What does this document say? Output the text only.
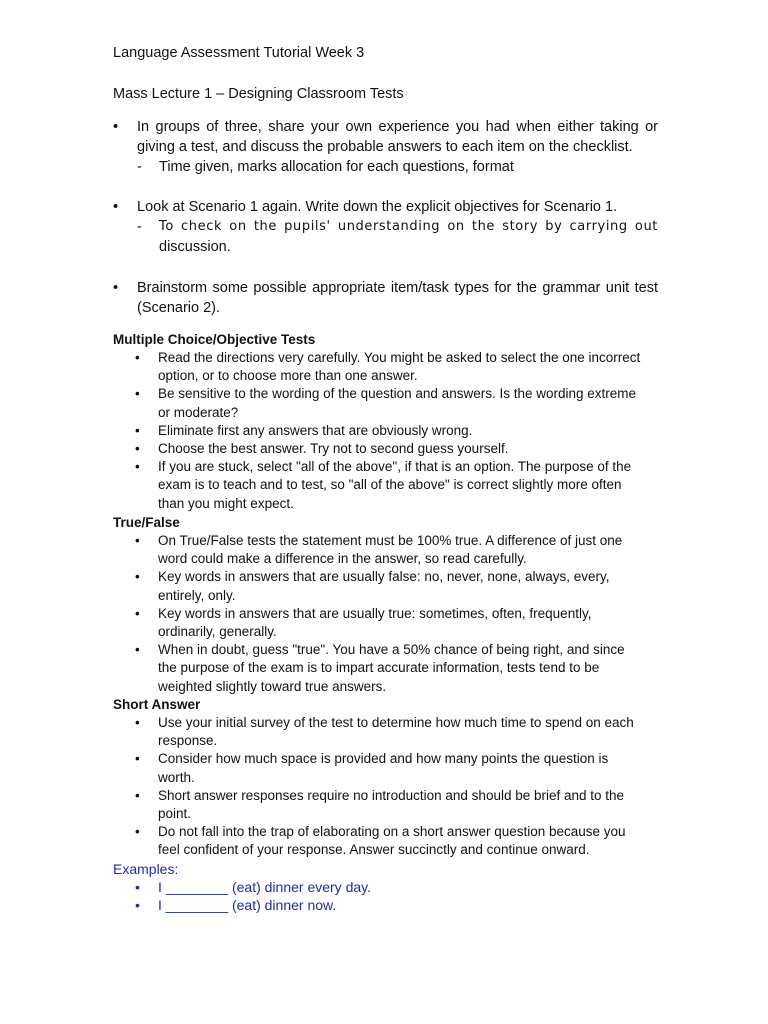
Language Assessment Tutorial Week 3
Mass Lecture 1 – Designing Classroom Tests
• In groups of three, share your own experience you had when either taking or giving a test, and discuss the probable answers to each item on the checklist.
- Time given, marks allocation for each questions, format
• Look at Scenario 1 again. Write down the explicit objectives for Scenario 1.
- To check on the pupils' understanding on the story by carrying out
discussion.
• Brainstorm some possible appropriate item/task types for the grammar unit test (Scenario 2).
Multiple Choice/Objective Tests
• Read the directions very carefully. You might be asked to select the one incorrect option, or to choose more than one answer.
• Be sensitive to the wording of the question and answers. Is the wording extreme or moderate?
• Eliminate first any answers that are obviously wrong.
• Choose the best answer. Try not to second guess yourself.
• If you are stuck, select "all of the above", if that is an option. The purpose of the exam is to teach and to test, so "all of the above" is correct slightly more often than you might expect.
True/False
• On True/False tests the statement must be 100% true. A difference of just one word could make a difference in the answer, so read carefully.
• Key words in answers that are usually false: no, never, none, always, every, entirely, only.
• Key words in answers that are usually true: sometimes, often, frequently, ordinarily, generally.
• When in doubt, guess "true". You have a 50% chance of being right, and since the purpose of the exam is to impart accurate information, tests tend to be weighted slightly toward true answers.
Short Answer
• Use your initial survey of the test to determine how much time to spend on each response.
• Consider how much space is provided and how many points the question is worth.
• Short answer responses require no introduction and should be brief and to the point.
• Do not fall into the trap of elaborating on a short answer question because you feel confident of your response. Answer succinctly and continue onward.
Examples:
• I ________ (eat) dinner every day.
• I ________ (eat) dinner now.
